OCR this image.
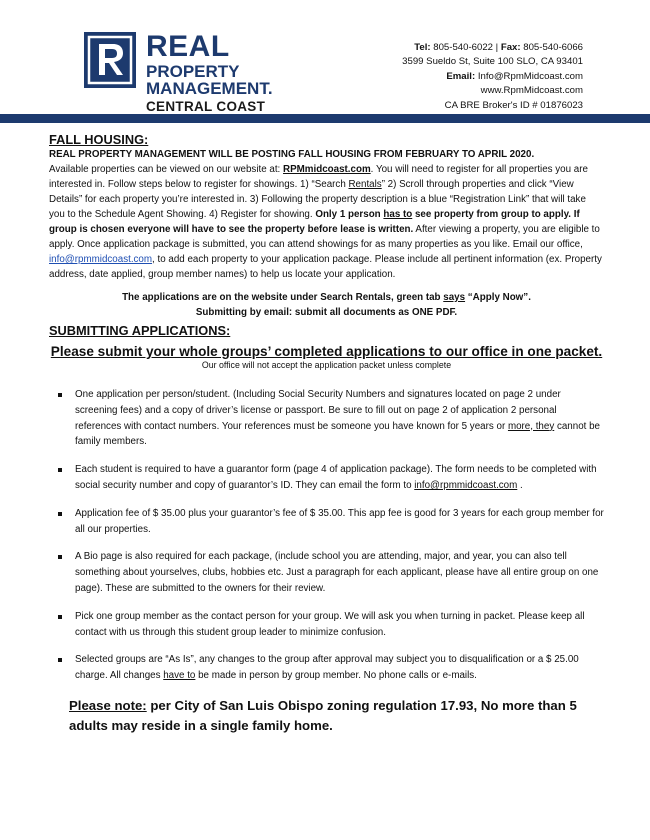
REAL
PROPERTY
MANAGEMENT.
CENTRAL COAST
Tel: 805-540-6022 | Fax: 805-540-6066
3599 Sueldo St, Suite 100 SLO, CA 93401
Email: Info@RpmMidcoast.com
www.RpmMidcoast.com
CA BRE Broker's ID # 01876023

FALL HOUSING:

REAL PROPERTY MANAGEMENT WILL BE POSTING FALL HOUSING FROM FEBRUARY TO APRIL 2020.

Available properties can be viewed on our website at: RPMmidcoast.com. You will need to register for all properties you are interested in. Follow steps below to register for showings. 1) “Search Rentals” 2) Scroll through properties and click “View Details” for each property you’re interested in. 3) Following the property description is a blue “Registration Link” that will take you to the Schedule Agent Showing. 4) Register for showing. Only 1 person has to see property from group to apply. If group is chosen everyone will have to see the property before lease is written. After viewing a property, you are eligible to apply. Once application package is submitted, you can attend showings for as many properties as you like. Email our office, info@rpmmidcoast.com, to add each property to your application package. Please include all pertinent information (ex. Property address, date applied, group member names) to help us locate your application.

The applications are on the website under Search Rentals, green tab says “Apply Now”.

Submitting by email: submit all documents as ONE PDF.

SUBMITTING APPLICATIONS:

Please submit your whole groups’ completed applications to our office in one packet.

Our office will not accept the application packet unless complete

One application per person/student. (Including Social Security Numbers and signatures located on page 2 under screening fees) and a copy of driver’s license or passport. Be sure to fill out on page 2 of application 2 personal references with contact numbers. Your references must be someone you have known for 5 years or more, they cannot be family members.
Each student is required to have a guarantor form (page 4 of application package). The form needs to be completed with social security number and copy of guarantor’s ID. They can email the form to info@rpmmidcoast.com .
Application fee of $ 35.00 plus your guarantor’s fee of $ 35.00. This app fee is good for 3 years for each group member for all our properties.
A Bio page is also required for each package, (include school you are attending, major, and year, you can also tell something about yourselves, clubs, hobbies etc. Just a paragraph for each applicant, please have all entire group on one page). These are submitted to the owners for their review.
Pick one group member as the contact person for your group. We will ask you when turning in packet. Please keep all contact with us through this student group leader to minimize confusion.
Selected groups are “As Is”, any changes to the group after approval may subject you to disqualification or a $ 25.00 charge. All changes have to be made in person by group member. No phone calls or e-mails.

Please note: per City of San Luis Obispo zoning regulation 17.93, No more than 5 adults may reside in a single family home.
